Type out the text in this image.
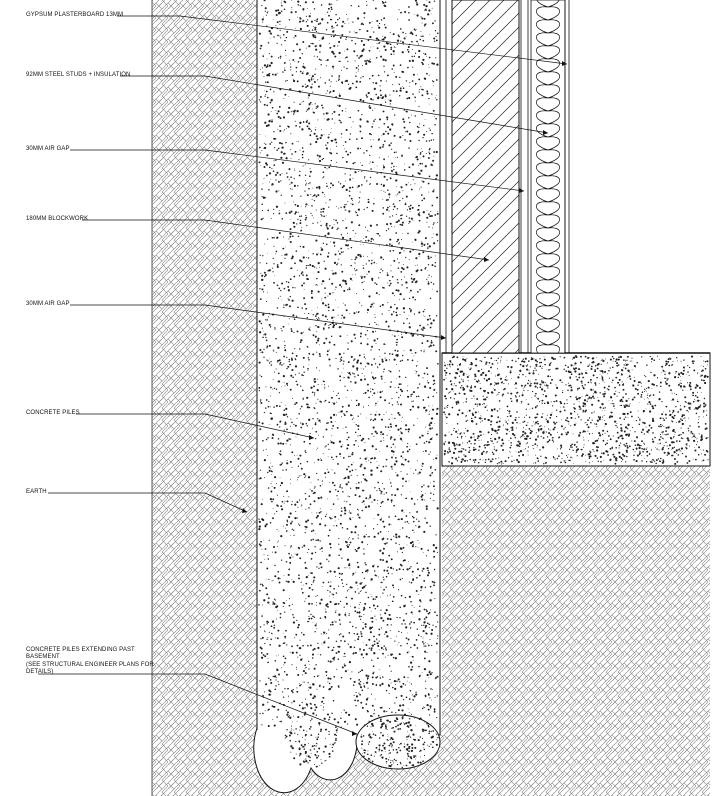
GYPSUM PLASTERBOARD 13MM
92MM STEEL STUDS + INSULATION
30MM AIR GAP
180MM BLOCKWORK
30MM AIR GAP
CONCRETE PILES
EARTH
CONCRETE PILES EXTENDING PAST
BASEMENT
(SEE STRUCTURAL ENGINEER PLANS FOR
DETAILS)
